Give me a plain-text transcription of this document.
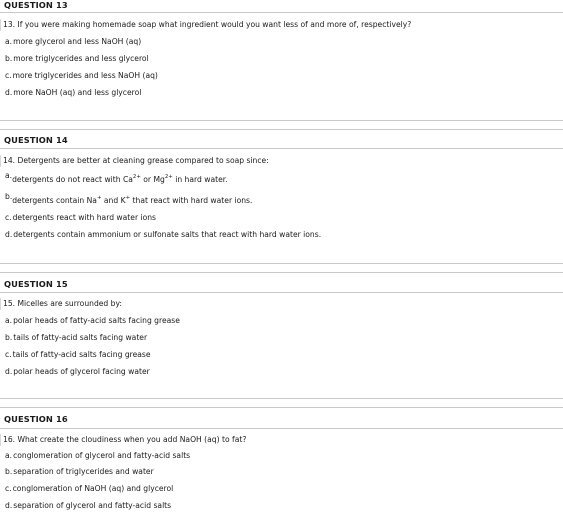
QUESTION 13
13. If you were making homemade soap what ingredient would you want less of and more of, respectively?
a.more glycerol and less NaOH (aq)
b.more triglycerides and less glycerol
c.more triglycerides and less NaOH (aq)
d.more NaOH (aq) and less glycerol
QUESTION 14
14. Detergents are better at cleaning grease compared to soap since:
a.detergents do not react with $Ca^{2+}$ or $Mg^{2+}$ in hard water.
b.detergents contain Na+ and K+ that react with hard water ions.
c.detergents react with hard water ions
d.detergents contain ammonium or sulfonate salts that react with hard water ions.
QUESTION 15
15. Micelles are surrounded by:
a.polar heads of fatty-acid salts facing grease
b.tails of fatty-acid salts facing water
c.tails of fatty-acid salts facing grease
d.polar heads of glycerol facing water
QUESTION 16
16. What create the cloudiness when you add NaOH (aq) to fat?
a.conglomeration of glycerol and fatty-acid salts
b.separation of triglycerides and water
c.conglomeration of NaOH (aq) and glycerol
d.separation of glycerol and fatty-acid salts
